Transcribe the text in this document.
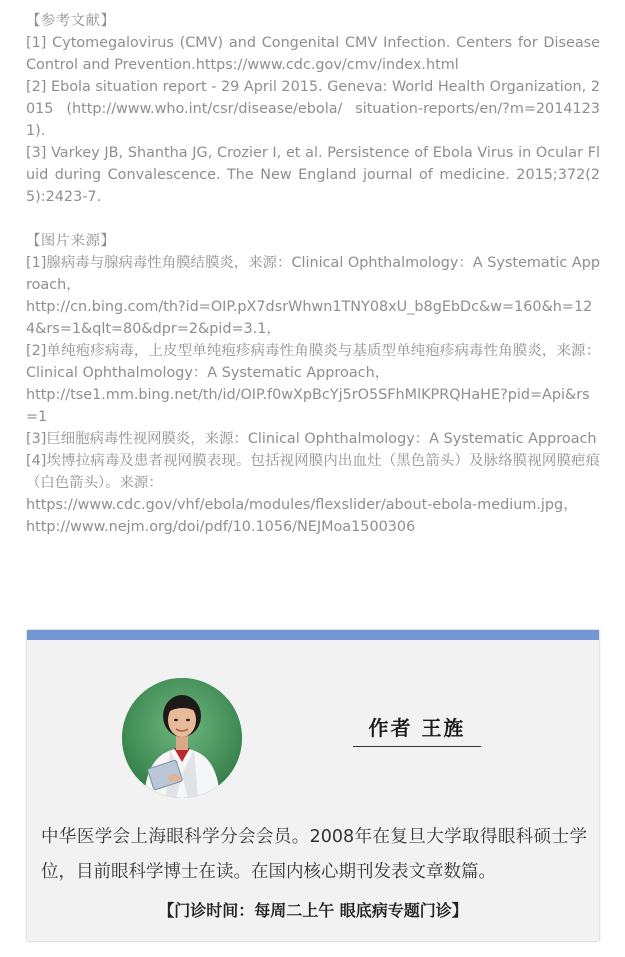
【参考文献】

[1] Cytomegalovirus (CMV) and Congenital CMV Infection. Centers for Disease Control and Prevention.https://www.cdc.gov/cmv/index.html

[2] Ebola situation report - 29 April 2015. Geneva: World Health Organization, 2015 (http://www.who.int/csr/disease/ebola/ situation-reports/en/?m=20141231).

[3] Varkey JB, Shantha JG, Crozier I, et al. Persistence of Ebola Virus in Ocular Fluid during Convalescence. The New England journal of medicine. 2015;372(25):2423-7.

【图片来源】

[1]腺病毒与腺病毒性角膜结膜炎，来源：Clinical Ophthalmology：A Systematic Approach，

http://cn.bing.com/th?id=OIP.pX7dsrWhwn1TNY08xU_b8gEbDc&w=160&h=124&rs=1&qlt=80&dpr=2&pid=3.1，

[2]单纯疱疹病毒，上皮型单纯疱疹病毒性角膜炎与基质型单纯疱疹病毒性角膜炎，来源：Clinical Ophthalmology：A Systematic Approach，

http://tse1.mm.bing.net/th/id/OIP.f0wXpBcYj5rO5SFhMlKPRQHaHE?pid=Api&rs=1

[3]巨细胞病毒性视网膜炎，来源：Clinical Ophthalmology：A Systematic Approach

[4]埃博拉病毒及患者视网膜表现。包括视网膜内出血灶（黑色箭头）及脉络膜视网膜疤痕（白色箭头）。来源：

https://www.cdc.gov/vhf/ebola/modules/flexslider/about-ebola-medium.jpg，

http://www.nejm.org/doi/pdf/10.1056/NEJMoa1500306

作者 王旌
中华医学会上海眼科学分会会员。2008年在复旦大学取得眼科硕士学位，目前眼科学博士在读。在国内核心期刊发表文章数篇。
【门诊时间：每周二上午 眼底病专题门诊】
